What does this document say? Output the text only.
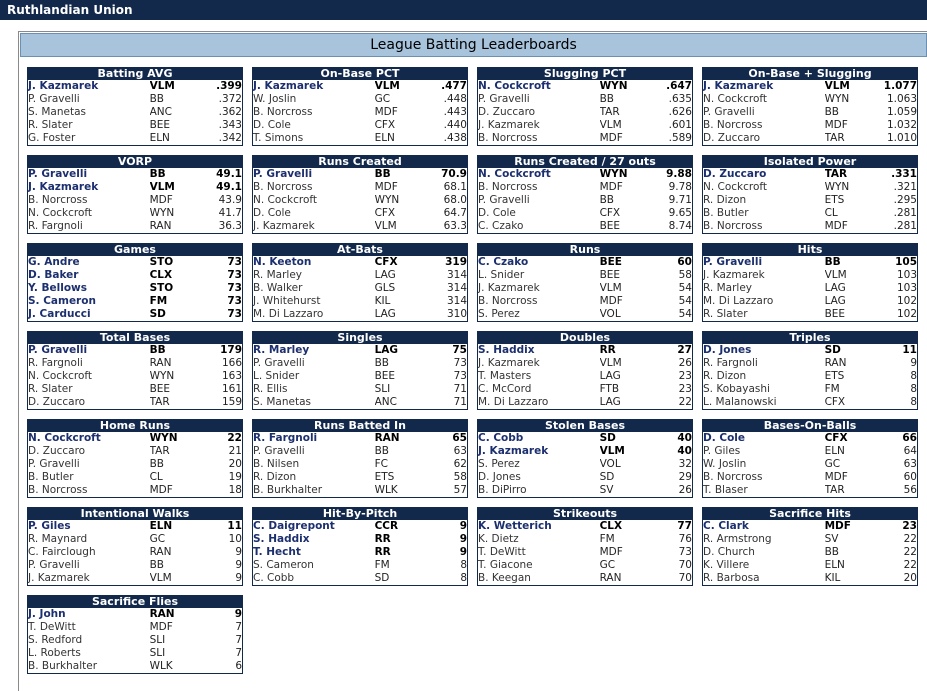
Ruthlandian Union
League Batting Leaderboards
Batting AVG
J. Kazmarek	VLM	.399
P. Gravelli	BB	.372
S. Manetas	ANC	.362
R. Slater	BEE	.343
G. Foster	ELN	.342
On-Base PCT
J. Kazmarek	VLM	.477
W. Joslin	GC	.448
B. Norcross	MDF	.443
D. Cole	CFX	.440
T. Simons	ELN	.438
Slugging PCT
N. Cockcroft	WYN	.647
P. Gravelli	BB	.635
D. Zuccaro	TAR	.626
J. Kazmarek	VLM	.601
B. Norcross	MDF	.589
On-Base + Slugging
J. Kazmarek	VLM	1.077
N. Cockcroft	WYN	1.063
P. Gravelli	BB	1.059
B. Norcross	MDF	1.032
D. Zuccaro	TAR	1.010
VORP
P. Gravelli	BB	49.1
J. Kazmarek	VLM	49.1
B. Norcross	MDF	43.9
N. Cockcroft	WYN	41.7
R. Fargnoli	RAN	36.3
Runs Created
P. Gravelli	BB	70.9
B. Norcross	MDF	68.1
N. Cockcroft	WYN	68.0
D. Cole	CFX	64.7
J. Kazmarek	VLM	63.3
Runs Created / 27 outs
N. Cockcroft	WYN	9.88
B. Norcross	MDF	9.78
P. Gravelli	BB	9.71
D. Cole	CFX	9.65
C. Czako	BEE	8.74
Isolated Power
D. Zuccaro	TAR	.331
N. Cockcroft	WYN	.321
R. Dizon	ETS	.295
B. Butler	CL	.281
B. Norcross	MDF	.281
Games
G. Andre	STO	73
D. Baker	CLX	73
Y. Bellows	STO	73
S. Cameron	FM	73
J. Carducci	SD	73
At-Bats
N. Keeton	CFX	319
R. Marley	LAG	314
B. Walker	GLS	314
J. Whitehurst	KIL	314
M. Di Lazzaro	LAG	310
Runs
C. Czako	BEE	60
L. Snider	BEE	58
J. Kazmarek	VLM	54
B. Norcross	MDF	54
S. Perez	VOL	54
Hits
P. Gravelli	BB	105
J. Kazmarek	VLM	103
R. Marley	LAG	103
M. Di Lazzaro	LAG	102
R. Slater	BEE	102
Total Bases
P. Gravelli	BB	179
R. Fargnoli	RAN	166
N. Cockcroft	WYN	163
R. Slater	BEE	161
D. Zuccaro	TAR	159
Singles
R. Marley	LAG	75
P. Gravelli	BB	73
L. Snider	BEE	73
R. Ellis	SLI	71
S. Manetas	ANC	71
Doubles
S. Haddix	RR	27
J. Kazmarek	VLM	26
T. Masters	LAG	23
C. McCord	FTB	23
M. Di Lazzaro	LAG	22
Triples
D. Jones	SD	11
R. Fargnoli	RAN	9
R. Dizon	ETS	8
S. Kobayashi	FM	8
L. Malanowski	CFX	8
Home Runs
N. Cockcroft	WYN	22
D. Zuccaro	TAR	21
P. Gravelli	BB	20
B. Butler	CL	19
B. Norcross	MDF	18
Runs Batted In
R. Fargnoli	RAN	65
P. Gravelli	BB	63
B. Nilsen	FC	62
R. Dizon	ETS	58
B. Burkhalter	WLK	57
Stolen Bases
C. Cobb	SD	40
J. Kazmarek	VLM	40
S. Perez	VOL	32
D. Jones	SD	29
B. DiPirro	SV	26
Bases-On-Balls
D. Cole	CFX	66
P. Giles	ELN	64
W. Joslin	GC	63
B. Norcross	MDF	60
T. Blaser	TAR	56
Intentional Walks
P. Giles	ELN	11
R. Maynard	GC	10
C. Fairclough	RAN	9
P. Gravelli	BB	9
J. Kazmarek	VLM	9
Hit-By-Pitch
C. Daigrepont	CCR	9
S. Haddix	RR	9
T. Hecht	RR	9
S. Cameron	FM	8
C. Cobb	SD	8
Strikeouts
K. Wetterich	CLX	77
K. Dietz	FM	76
T. DeWitt	MDF	73
T. Giacone	GC	70
B. Keegan	RAN	70
Sacrifice Hits
C. Clark	MDF	23
R. Armstrong	SV	22
D. Church	BB	22
K. Villere	ELN	22
R. Barbosa	KIL	20
Sacrifice Flies
J. John	RAN	9
T. DeWitt	MDF	7
S. Redford	SLI	7
L. Roberts	SLI	7
B. Burkhalter	WLK	6
